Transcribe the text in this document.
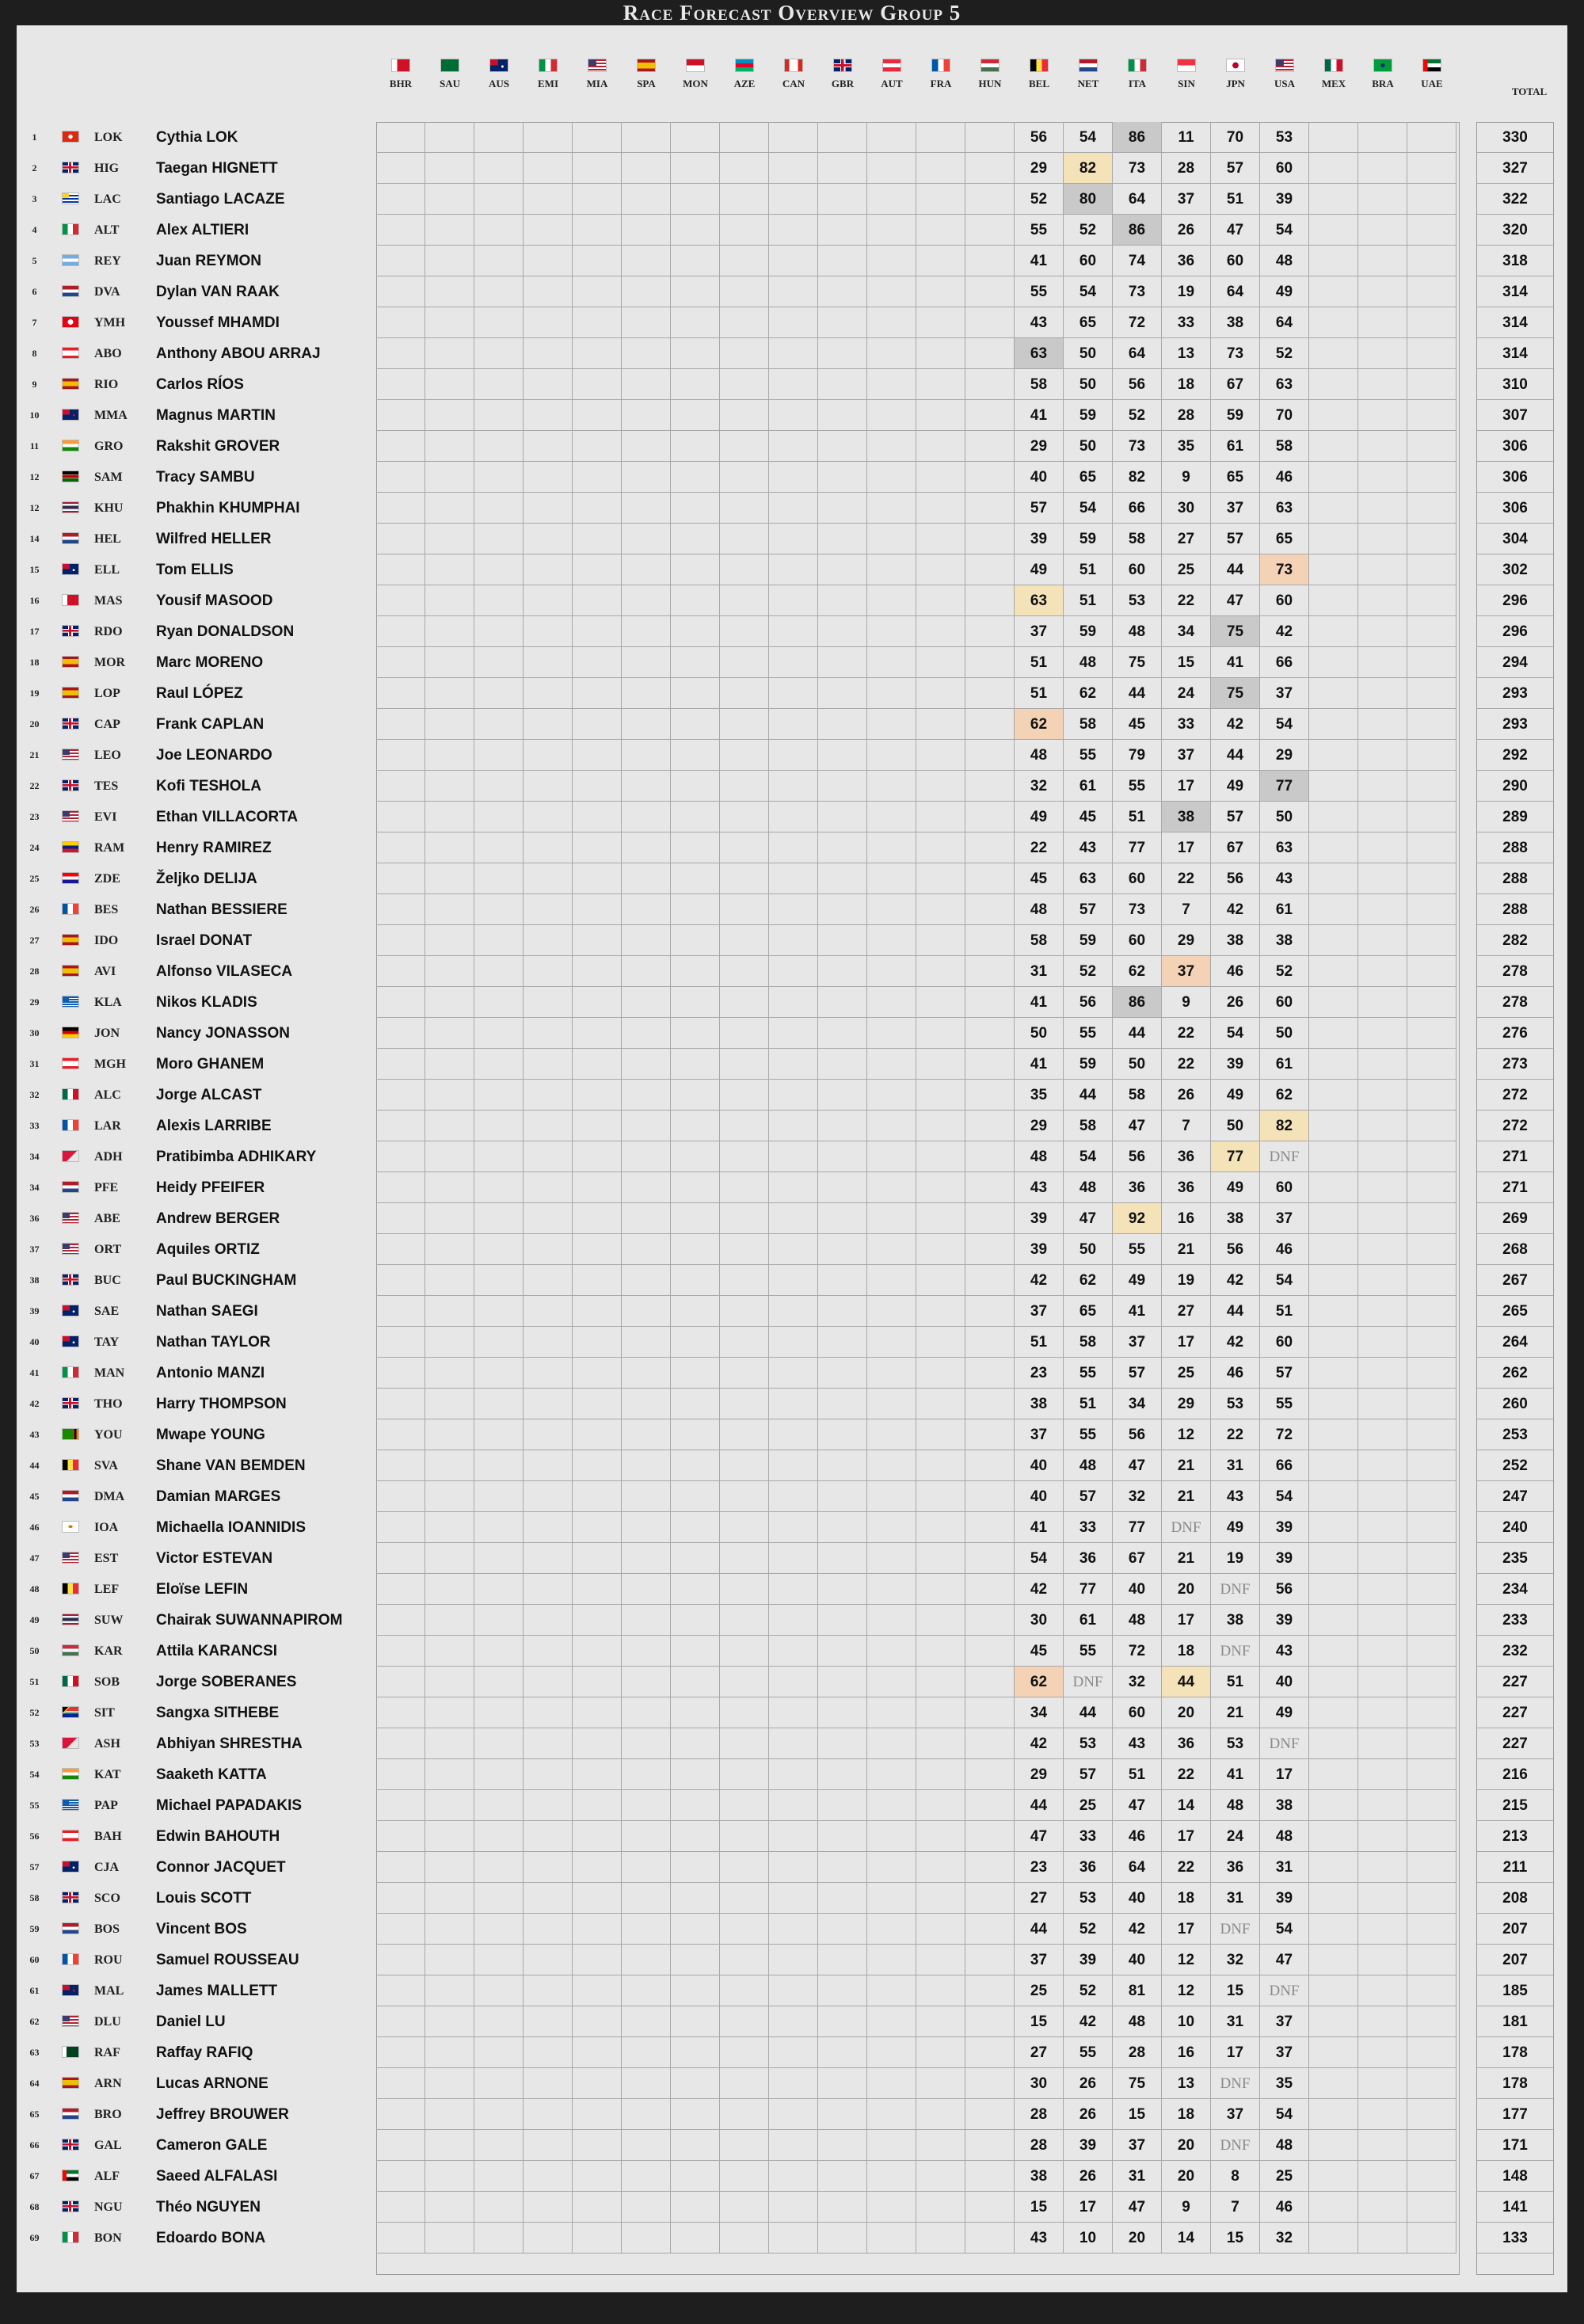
Race Forecast Overview Group 5
BHR	SAU	AUS	EMI	MIA	SPA	MON	AZE	CAN	GBR	AUT	FRA	HUN	BEL	NET	ITA	SIN	JPN	USA	MEX	BRA	UAE
TOTAL
1	LOK Cythia LOK	56	54	86	11	70	53	330
2	HIG Taegan HIGNETT	29	82	73	28	57	60	327
3	LAC Santiago LACAZE	52	80	64	37	51	39	322
4	ALT Alex ALTIERI	55	52	86	26	47	54	320
5	REY Juan REYMON	41	60	74	36	60	48	318
6	DVA Dylan VAN RAAK	55	54	73	19	64	49	314
7	YMH Youssef MHAMDI	43	65	72	33	38	64	314
8	ABO Anthony ABOU ARRAJ	63	50	64	13	73	52	314
9	RIO	Carlos RÍOS	58	50	56	18	67	63	310
10	MMA Magnus MARTIN	41	59	52	28	59	70	307
11	GRO Rakshit GROVER	29	50	73	35	61	58	306
12	SAM Tracy SAMBU	40	65	82	9	65	46	306
12	KHU Phakhin KHUMPHAI	57	54	66	30	37	63	306
14	HEL Wilfred HELLER	39	59	58	27	57	65	304
15	ELL Tom ELLIS	49	51	60	25	44	73	302
16	MAS Yousif MASOOD	63	51	53	22	47	60	296
17	RDO Ryan DONALDSON	37	59	48	34	75	42	296
18	MOR Marc MORENO	51	48	75	15	41	66	294
19	LOP Raul LÓPEZ	51	62	44	24	75	37	293
20	CAP Frank CAPLAN	62	58	45	33	42	54	293
21	LEO Joe LEONARDO	48	55	79	37	44	29	292
22	TES	Kofi TESHOLA	32	61	55	17	49	77	290
23	EVI	Ethan VILLACORTA	49	45	51	38	57	50	289
24	RAM Henry RAMIREZ	22	43	77	17	67	63	288
25	ZDE Željko DELIJA	45	63	60	22	56	43	288
26	BES	Nathan BESSIERE	48	57	73	7	42	61	288
27	IDO	Israel DONAT	58	59	60	29	38	38	282
28	AVI	Alfonso VILASECA	31	52	62	37	46	52	278
29	KLA Nikos KLADIS	41	56	86	9	26	60	278
30	JON Nancy JONASSON	50	55	44	22	54	50	276
31	MGH Moro GHANEM	41	59	50	22	39	61	273
32	ALC Jorge ALCAST	35	44	58	26	49	62	272
33	LAR Alexis LARRIBE	29	58	47	7	50	82	272
34	ADH Pratibimba ADHIKARY	48	54	56	36	77	DNF	271
34	PFE	Heidy PFEIFER	43	48	36	36	49	60	271
36	ABE Andrew BERGER	39	47	92	16	38	37	269
37	ORT Aquiles ORTIZ	39	50	55	21	56	46	268
38	BUC Paul BUCKINGHAM	42	62	49	19	42	54	267
39	SAE Nathan SAEGI	37	65	41	27	44	51	265
40	TAY Nathan TAYLOR	51	58	37	17	42	60	264
41	MAN Antonio MANZI	23	55	57	25	46	57	262
42	THO Harry THOMPSON	38	51	34	29	53	55	260
43	YOU Mwape YOUNG	37	55	56	12	22	72	253
44	SVA	Shane VAN BEMDEN	40	48	47	21	31	66	252
45	DMA Damian MARGES	40	57	32	21	43	54	247
46	IOA	Michaella IOANNIDIS	41	33	77	DNF	49	39	240
47	EST	Victor ESTEVAN	54	36	67	21	19	39	235
48	LEF Eloïse LEFIN	42	77	40	20	DNF	56	234
49	SUW Chairak SUWANNAPIROM	30	61	48	17	38	39	233
50	KAR Attila KARANCSI	45	55	72	18	DNF	43	232
51	SOB Jorge SOBERANES	62	DNF	32	44	51	40	227
52	SIT	Sangxa SITHEBE	34	44	60	20	21	49	227
53	ASH Abhiyan SHRESTHA	42	53	43	36	53	DNF	227
54	KAT Saaketh KATTA	29	57	51	22	41	17	216
55	PAP	Michael PAPADAKIS	44	25	47	14	48	38	215
56	BAH Edwin BAHOUTH	47	33	46	17	24	48	213
57	CJA Connor JACQUET	23	36	64	22	36	31	211
58	SCO Louis SCOTT	27	53	40	18	31	39	208
59	BOS Vincent BOS	44	52	42	17	DNF	54	207
60	ROU Samuel ROUSSEAU	37	39	40	12	32	47	207
61	MAL James MALLETT	25	52	81	12	15	DNF	185
62	DLU Daniel LU	15	42	48	10	31	37	181
63	RAF Raffay RAFIQ	27	55	28	16	17	37	178
64	ARN Lucas ARNONE	30	26	75	13	DNF	35	178
65	BRO Jeffrey BROUWER	28	26	15	18	37	54	177
66	GAL Cameron GALE	28	39	37	20	DNF	48	171
67	ALF Saeed ALFALASI	38	26	31	20	8	25	148
68	NGU Théo NGUYEN	15	17	47	9	7	46	141
69	BON Edoardo BONA	43	10	20	14	15	32	133
